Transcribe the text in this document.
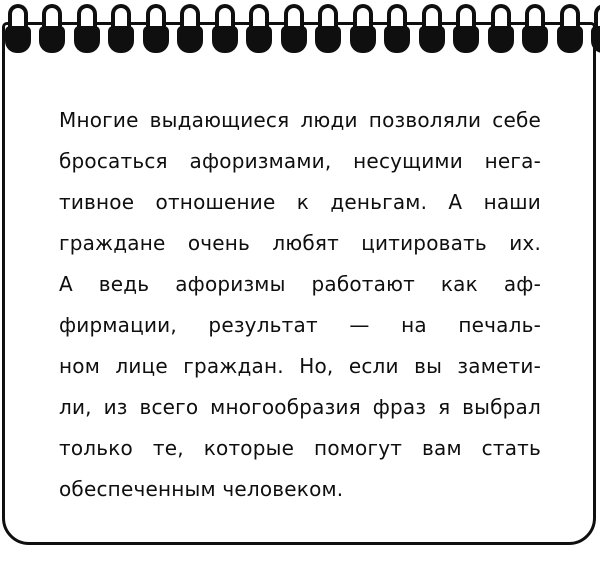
Многие выдающиеся люди позволяли себе
бросаться афоризмами, несущими нега-
тивное отношение к деньгам. А наши
граждане очень любят цитировать их.
А ведь афоризмы работают как аф-
фирмации, результат — на печаль-
ном лице граждан. Но, если вы замети-
ли, из всего многообразия фраз я выбрал
только те, которые помогут вам стать
обеспеченным человеком.
